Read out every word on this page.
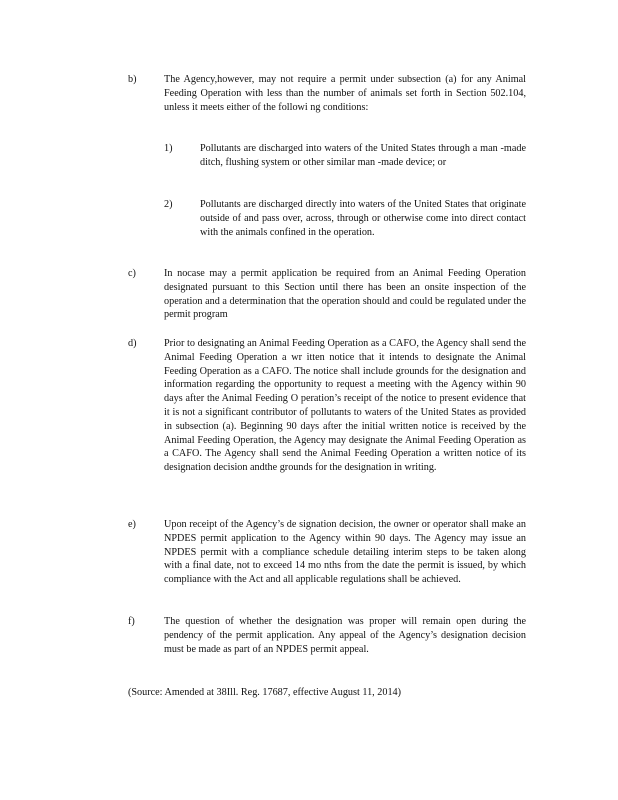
b)	The Agency,however, may not require a permit under subsection (a) for any Animal Feeding Operation with less than the number of animals set forth in Section 502.104, unless it meets either of the followi ng conditions:
1)	Pollutants are discharged into waters of the United States through a man -made ditch, flushing system or other similar man -made device; or
2)	Pollutants are discharged directly into waters of the United States that originate outside of and pass over, across, through or otherwise come into direct contact with the animals confined in the operation.
c)	In nocase may a permit application be required from an Animal Feeding Operation designated pursuant to this Section until there has been an onsite inspection of the operation and a determination that the operation should and could be regulated under the permit program
d)	Prior to designating an Animal Feeding Operation as a CAFO, the Agency shall send the Animal Feeding Operation a wr itten notice that it intends to designate the Animal Feeding Operation as a CAFO. The notice shall include grounds for the designation and information regarding the opportunity to request a meeting with the Agency within 90 days after the Animal Feeding O peration’s receipt of the notice to present evidence that it is not a significant contributor of pollutants to waters of the United States as provided in subsection (a). Beginning 90 days after the initial written notice is received by the Animal Feeding Operation, the Agency may designate the Animal Feeding Operation as a CAFO. The Agency shall send the Animal Feeding Operation a written notice of its designation decision andthe grounds for the designation in writing.
e)	Upon receipt of the Agency’s de signation decision, the owner or operator shall make an NPDES permit application to the Agency within 90 days. The Agency may issue an NPDES permit with a compliance schedule detailing interim steps to be taken along with a final date, not to exceed 14 mo nths from the date the permit is issued, by which compliance with the Act and all applicable regulations shall be achieved.
f)	The question of whether the designation was proper will remain open during the pendency of the permit application. Any appeal of the Agency’s designation decision must be made as part of an NPDES permit appeal.
(Source: Amended at 38Ill. Reg. 17687, effective August 11, 2014)
